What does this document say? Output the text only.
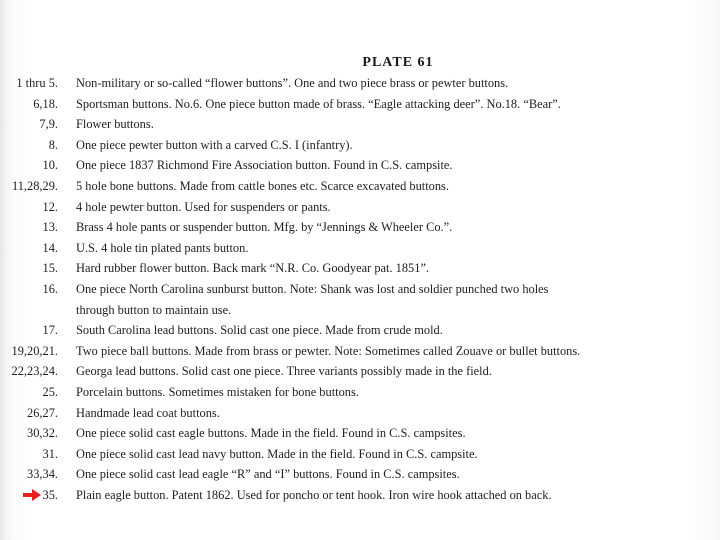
PLATE 61
1 thru 5. Non-military or so-called “flower buttons”. One and two piece brass or pewter buttons.
6,18. Sportsman buttons. No.6. One piece button made of brass. “Eagle attacking deer”. No.18. “Bear”.
7,9. Flower buttons.
8. One piece pewter button with a carved C.S. I (infantry).
10. One piece 1837 Richmond Fire Association button. Found in C.S. campsite.
11,28,29. 5 hole bone buttons. Made from cattle bones etc. Scarce excavated buttons.
12. 4 hole pewter button. Used for suspenders or pants.
13. Brass 4 hole pants or suspender button. Mfg. by “Jennings & Wheeler Co.”.
14. U.S. 4 hole tin plated pants button.
15. Hard rubber flower button. Back mark “N.R. Co. Goodyear pat. 1851”.
16. One piece North Carolina sunburst button. Note: Shank was lost and soldier punched two holes
through button to maintain use.
17. South Carolina lead buttons. Solid cast one piece. Made from crude mold.
19,20,21. Two piece ball buttons. Made from brass or pewter. Note: Sometimes called Zouave or bullet buttons.
22,23,24. Georga lead buttons. Solid cast one piece. Three variants possibly made in the field.
25. Porcelain buttons. Sometimes mistaken for bone buttons.
26,27. Handmade lead coat buttons.
30,32. One piece solid cast eagle buttons. Made in the field. Found in C.S. campsites.
31. One piece solid cast lead navy button. Made in the field. Found in C.S. campsite.
33,34. One piece solid cast lead eagle “R” and “I” buttons. Found in C.S. campsites.
35. Plain eagle button. Patent 1862. Used for poncho or tent hook. Iron wire hook attached on back.
